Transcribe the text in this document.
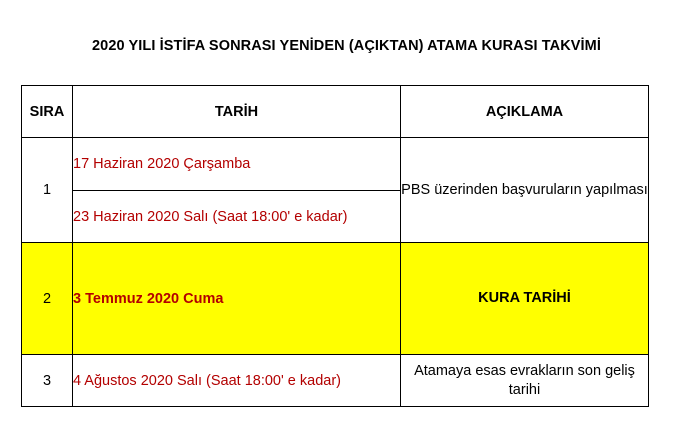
2020 YILI İSTİFA SONRASI YENİDEN (AÇIKTAN) ATAMA KURASI TAKVİMİ
SIRA	TARİH	AÇIKLAMA
1	17 Haziran 2020 Çarşamba	PBS üzerinden başvuruların yapılması
	23 Haziran 2020 Salı (Saat 18:00' e kadar)	
2	3 Temmuz 2020 Cuma	KURA TARİHİ
3	4 Ağustos 2020 Salı (Saat 18:00' e kadar)	Atamaya esas evrakların son geliş tarihi
